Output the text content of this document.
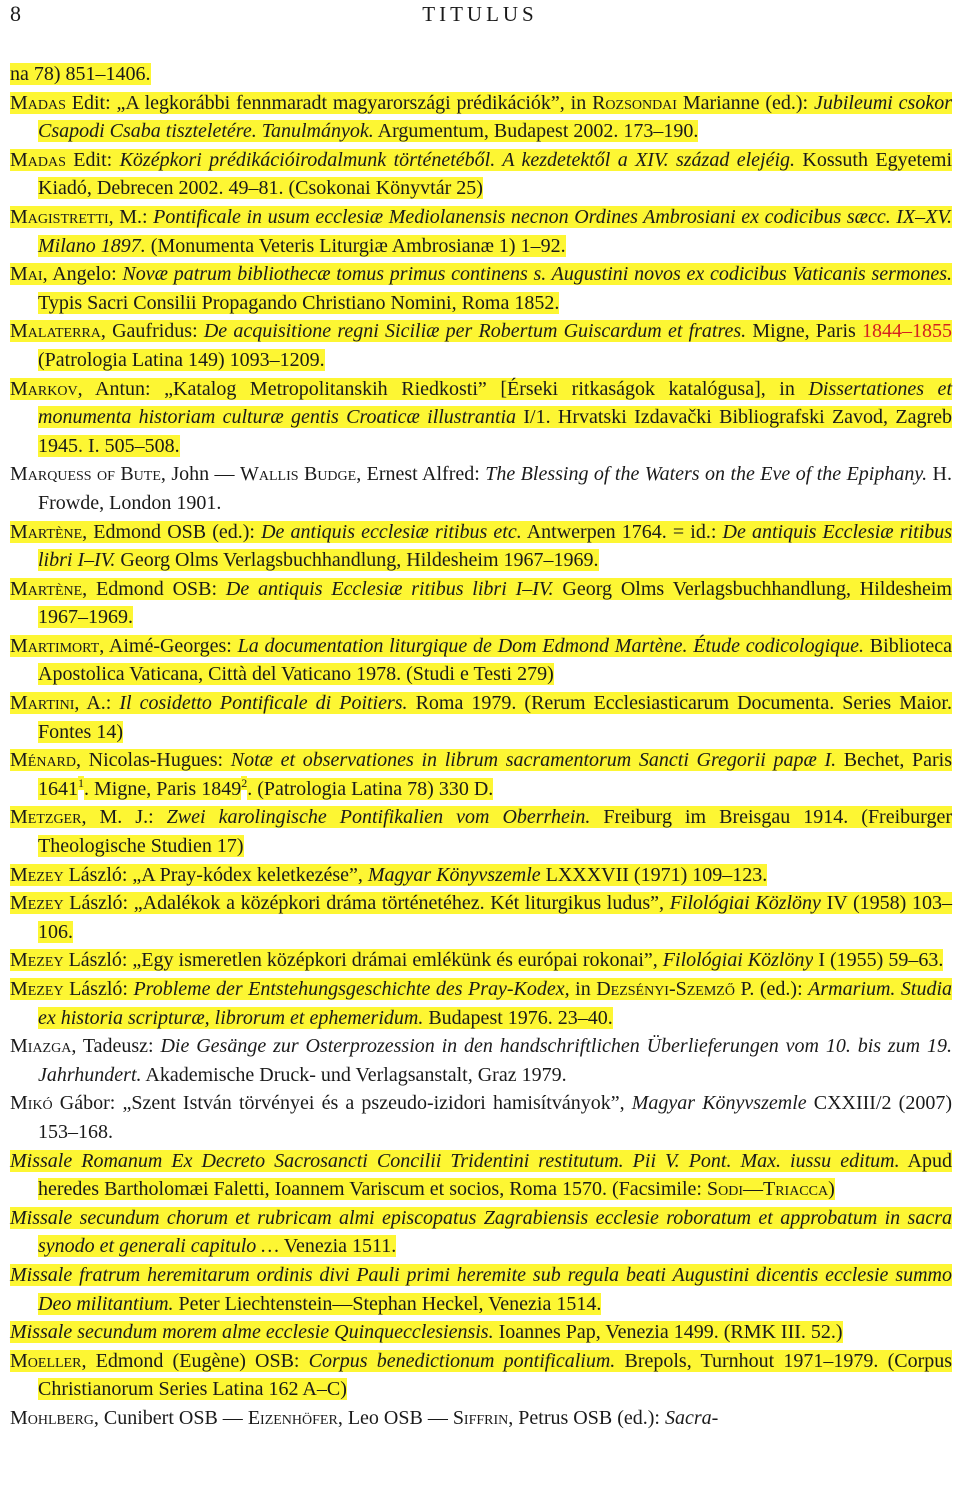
8	TITULUS

na 78) 851–1406.

Madas Edit: „A legkorábbi fennmaradt magyarországi prédikációk”, in Rozsondai Marianne (ed.): Jubileumi csokor Csapodi Csaba tiszteletére. Tanulmányok. Argumentum, Budapest 2002. 173–190.

Madas Edit: Középkori prédikációirodalmunk történetéből. A kezdetektől a XIV. század elejéig. Kossuth Egyetemi Kiadó, Debrecen 2002. 49–81. (Csokonai Könyvtár 25)

Magistretti, M.: Pontificale in usum ecclesiæ Mediolanensis necnon Ordines Ambrosiani ex codicibus sæcc. IX–XV. Milano 1897. (Monumenta Veteris Liturgiæ Ambrosianæ 1) 1–92.

Mai, Angelo: Novæ patrum bibliothecæ tomus primus continens s. Augustini novos ex codicibus Vaticanis sermones. Typis Sacri Consilii Propagando Christiano Nomini, Roma 1852.

Malaterra, Gaufridus: De acquisitione regni Siciliæ per Robertum Guiscardum et fratres. Migne, Paris 1844–1855 (Patrologia Latina 149) 1093–1209.

Markov, Antun: „Katalog Metropolitanskih Riedkosti” [Érseki ritkaságok katalógusa], in Dissertationes et monumenta historiam culturæ gentis Croaticæ illustrantia I/1. Hrvatski Izdavački Bibliografski Zavod, Zagreb 1945. I. 505–508.

Marquess of Bute, John — Wallis Budge, Ernest Alfred: The Blessing of the Waters on the Eve of the Epiphany. H. Frowde, London 1901.

Martène, Edmond OSB (ed.): De antiquis ecclesiæ ritibus etc. Antwerpen 1764. = id.: De antiquis Ecclesiæ ritibus libri I–IV. Georg Olms Verlagsbuchhandlung, Hildesheim 1967–1969.

Martène, Edmond OSB: De antiquis Ecclesiæ ritibus libri I–IV. Georg Olms Verlagsbuchhandlung, Hildesheim 1967–1969.

Martimort, Aimé-Georges: La documentation liturgique de Dom Edmond Martène. Étude codicologique. Biblioteca Apostolica Vaticana, Città del Vaticano 1978. (Studi e Testi 279)

Martini, A.: Il cosidetto Pontificale di Poitiers. Roma 1979. (Rerum Ecclesiasticarum Documenta. Series Maior. Fontes 14)

Ménard, Nicolas-Hugues: Notæ et observationes in librum sacramentorum Sancti Gregorii papæ I. Bechet, Paris 1641$^1$. Migne, Paris 1849$^2$. (Patrologia Latina 78) 330 D.

Metzger, M. J.: Zwei karolingische Pontifikalien vom Oberrhein. Freiburg im Breisgau 1914. (Freiburger Theologische Studien 17)

Mezey László: „A Pray-kódex keletkezése”, Magyar Könyvszemle LXXXVII (1971) 109–123.

Mezey László: „Adalékok a középkori dráma történetéhez. Két liturgikus ludus”, Filológiai Közlöny IV (1958) 103–106.

Mezey László: „Egy ismeretlen középkori drámai emlékünk és európai rokonai”, Filológiai Közlöny I (1955) 59–63.

Mezey László: Probleme der Entstehungsgeschichte des Pray-Kodex, in Dezsényi-Szemző P. (ed.): Armarium. Studia ex historia scripturæ, librorum et ephemeridum. Budapest 1976. 23–40.

Miazga, Tadeusz: Die Gesänge zur Osterprozession in den handschriftlichen Überlieferungen vom 10. bis zum 19. Jahrhundert. Akademische Druck- und Verlagsanstalt, Graz 1979.

Mikó Gábor: „Szent István törvényei és a pszeudo-izidori hamisítványok”, Magyar Könyvszemle CXXIII/2 (2007) 153–168.

Missale Romanum Ex Decreto Sacrosancti Concilii Tridentini restitutum. Pii V. Pont. Max. iussu editum. Apud heredes Bartholomæi Faletti, Ioannem Variscum et socios, Roma 1570. (Facsimile: Sodi—Triacca)

Missale secundum chorum et rubricam almi episcopatus Zagrabiensis ecclesie roboratum et approbatum in sacra synodo et generali capitulo … Venezia 1511.

Missale fratrum heremitarum ordinis divi Pauli primi heremite sub regula beati Augustini dicentis ecclesie summo Deo militantium. Peter Liechtenstein—Stephan Heckel, Venezia 1514.

Missale secundum morem alme ecclesie Quinquecclesiensis. Ioannes Pap, Venezia 1499. (RMK III. 52.)

Moeller, Edmond (Eugène) OSB: Corpus benedictionum pontificalium. Brepols, Turnhout 1971–1979. (Corpus Christianorum Series Latina 162 A–C)

Mohlberg, Cunibert OSB — Eizenhöfer, Leo OSB — Siffrin, Petrus OSB (ed.): Sacra-
